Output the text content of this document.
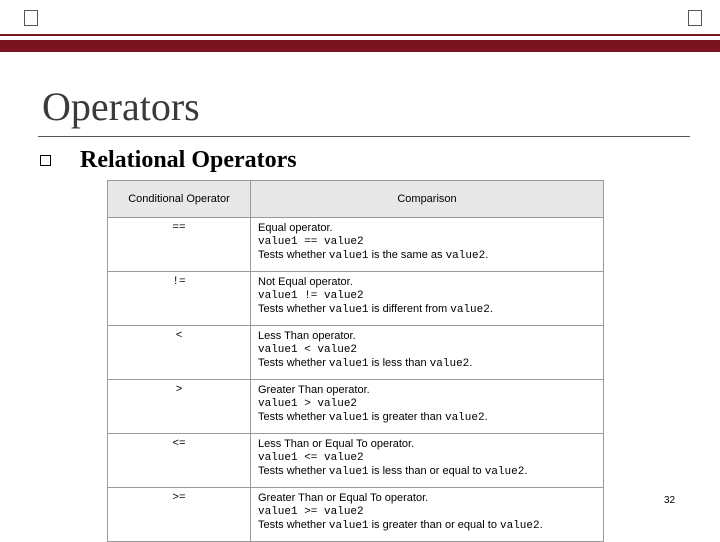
Operators
Relational Operators
Conditional Operator	Comparison
==	Equal operator.
value1 == value2
Tests whether value1 is the same as value2.

!=	Not Equal operator.
value1 != value2
Tests whether value1 is different from value2.

<	Less Than operator.
value1 < value2
Tests whether value1 is less than value2.

>	Greater Than operator.
value1 > value2
Tests whether value1 is greater than value2.

<=	Less Than or Equal To operator.
value1 <= value2
Tests whether value1 is less than or equal to value2.

>=	Greater Than or Equal To operator.
value1 >= value2
Tests whether value1 is greater than or equal to value2.
32
